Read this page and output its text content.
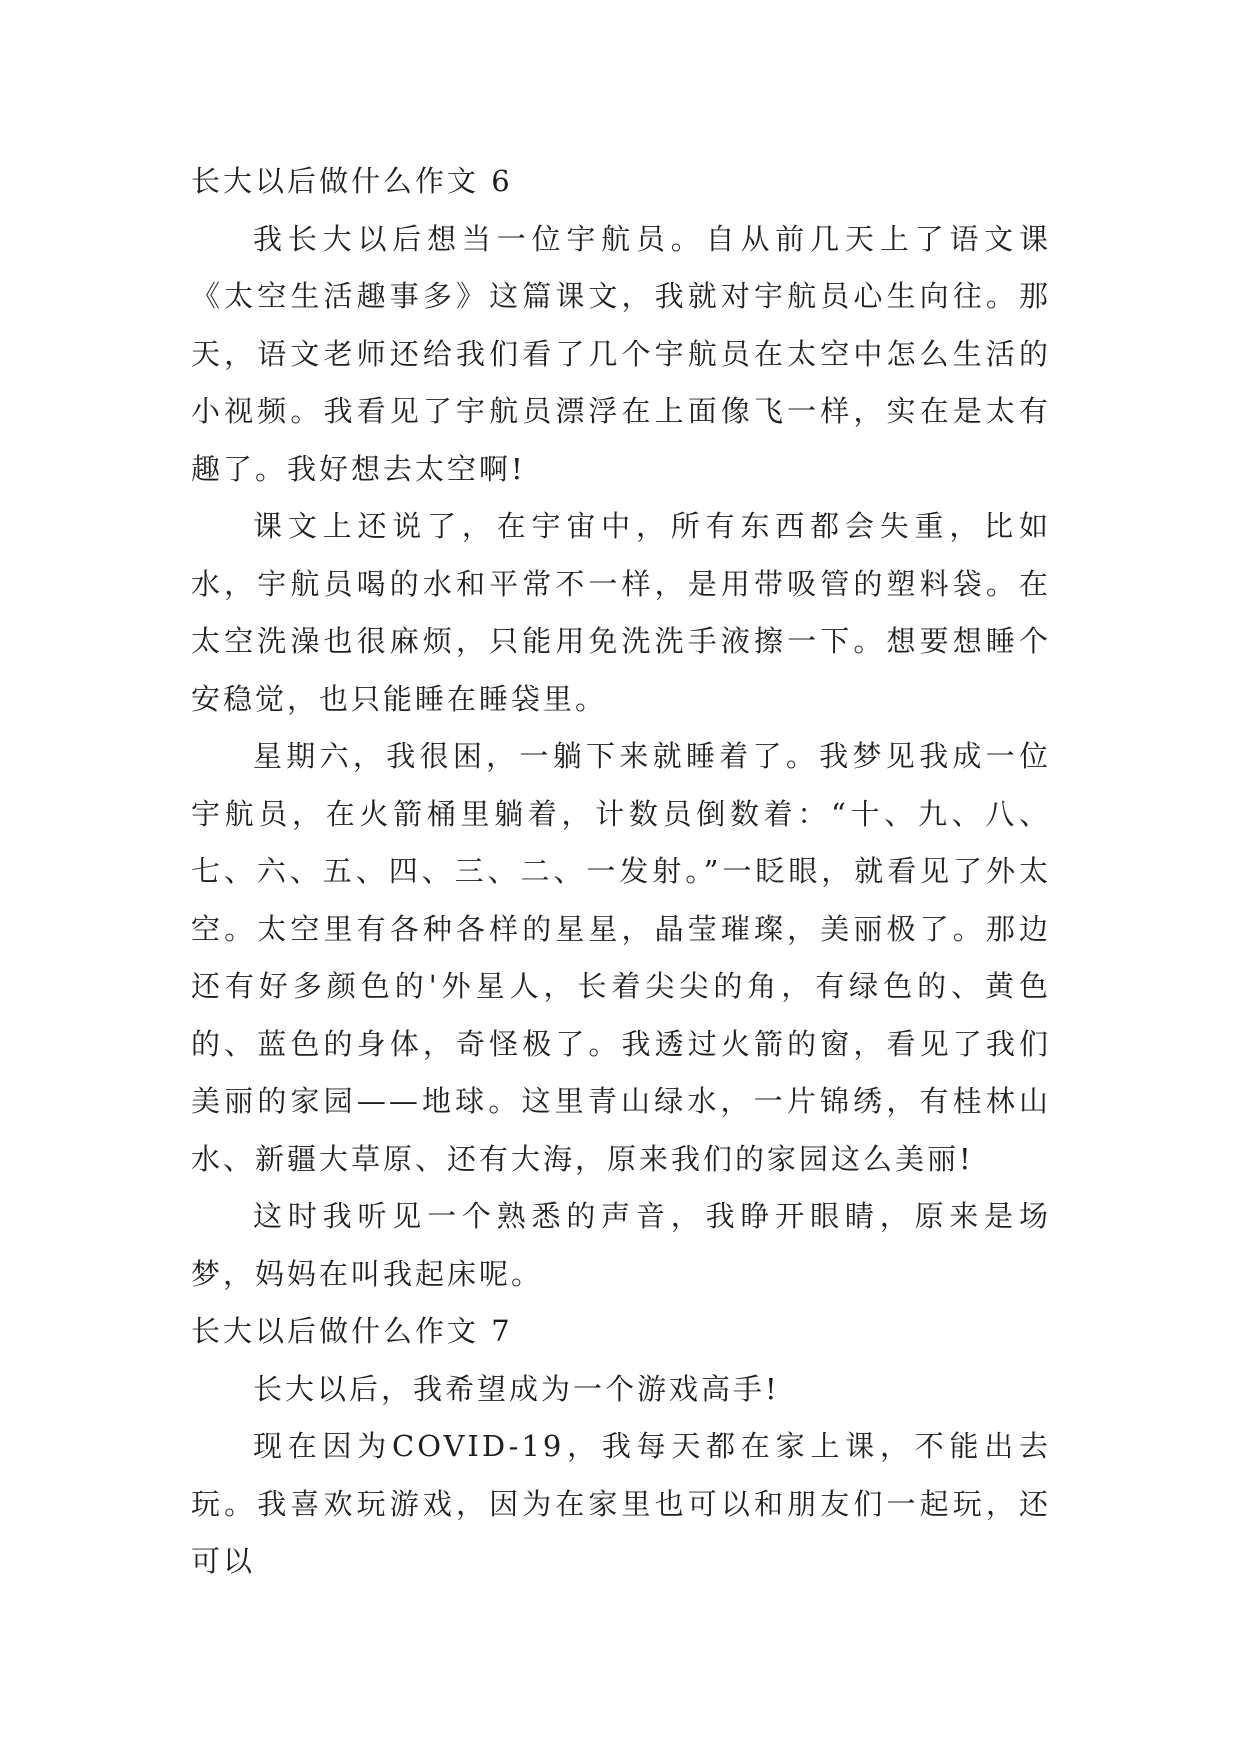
长大以后做什么作文 6

我长大以后想当一位宇航员。自从前几天上了语文课《太空生活趣事多》这篇课文，我就对宇航员心生向往。那天，语文老师还给我们看了几个宇航员在太空中怎么生活的小视频。我看见了宇航员漂浮在上面像飞一样，实在是太有趣了。我好想去太空啊!

课文上还说了，在宇宙中，所有东西都会失重，比如水，宇航员喝的水和平常不一样，是用带吸管的塑料袋。在太空洗澡也很麻烦，只能用免洗洗手液擦一下。想要想睡个安稳觉，也只能睡在睡袋里。

星期六，我很困，一躺下来就睡着了。我梦见我成一位宇航员，在火箭桶里躺着，计数员倒数着：“十、九、八、七、六、五、四、三、二、一发射。”一眨眼，就看见了外太空。太空里有各种各样的星星，晶莹璀璨，美丽极了。那边还有好多颜色的'外星人，长着尖尖的角，有绿色的、黄色的、蓝色的身体，奇怪极了。我透过火箭的窗，看见了我们美丽的家园——地球。这里青山绿水，一片锦绣，有桂林山水、新疆大草原、还有大海，原来我们的家园这么美丽!

这时我听见一个熟悉的声音，我睁开眼睛，原来是场梦，妈妈在叫我起床呢。

长大以后做什么作文 7

长大以后，我希望成为一个游戏高手!

现在因为COVID-19，我每天都在家上课，不能出去玩。我喜欢玩游戏，因为在家里也可以和朋友们一起玩，还可以
